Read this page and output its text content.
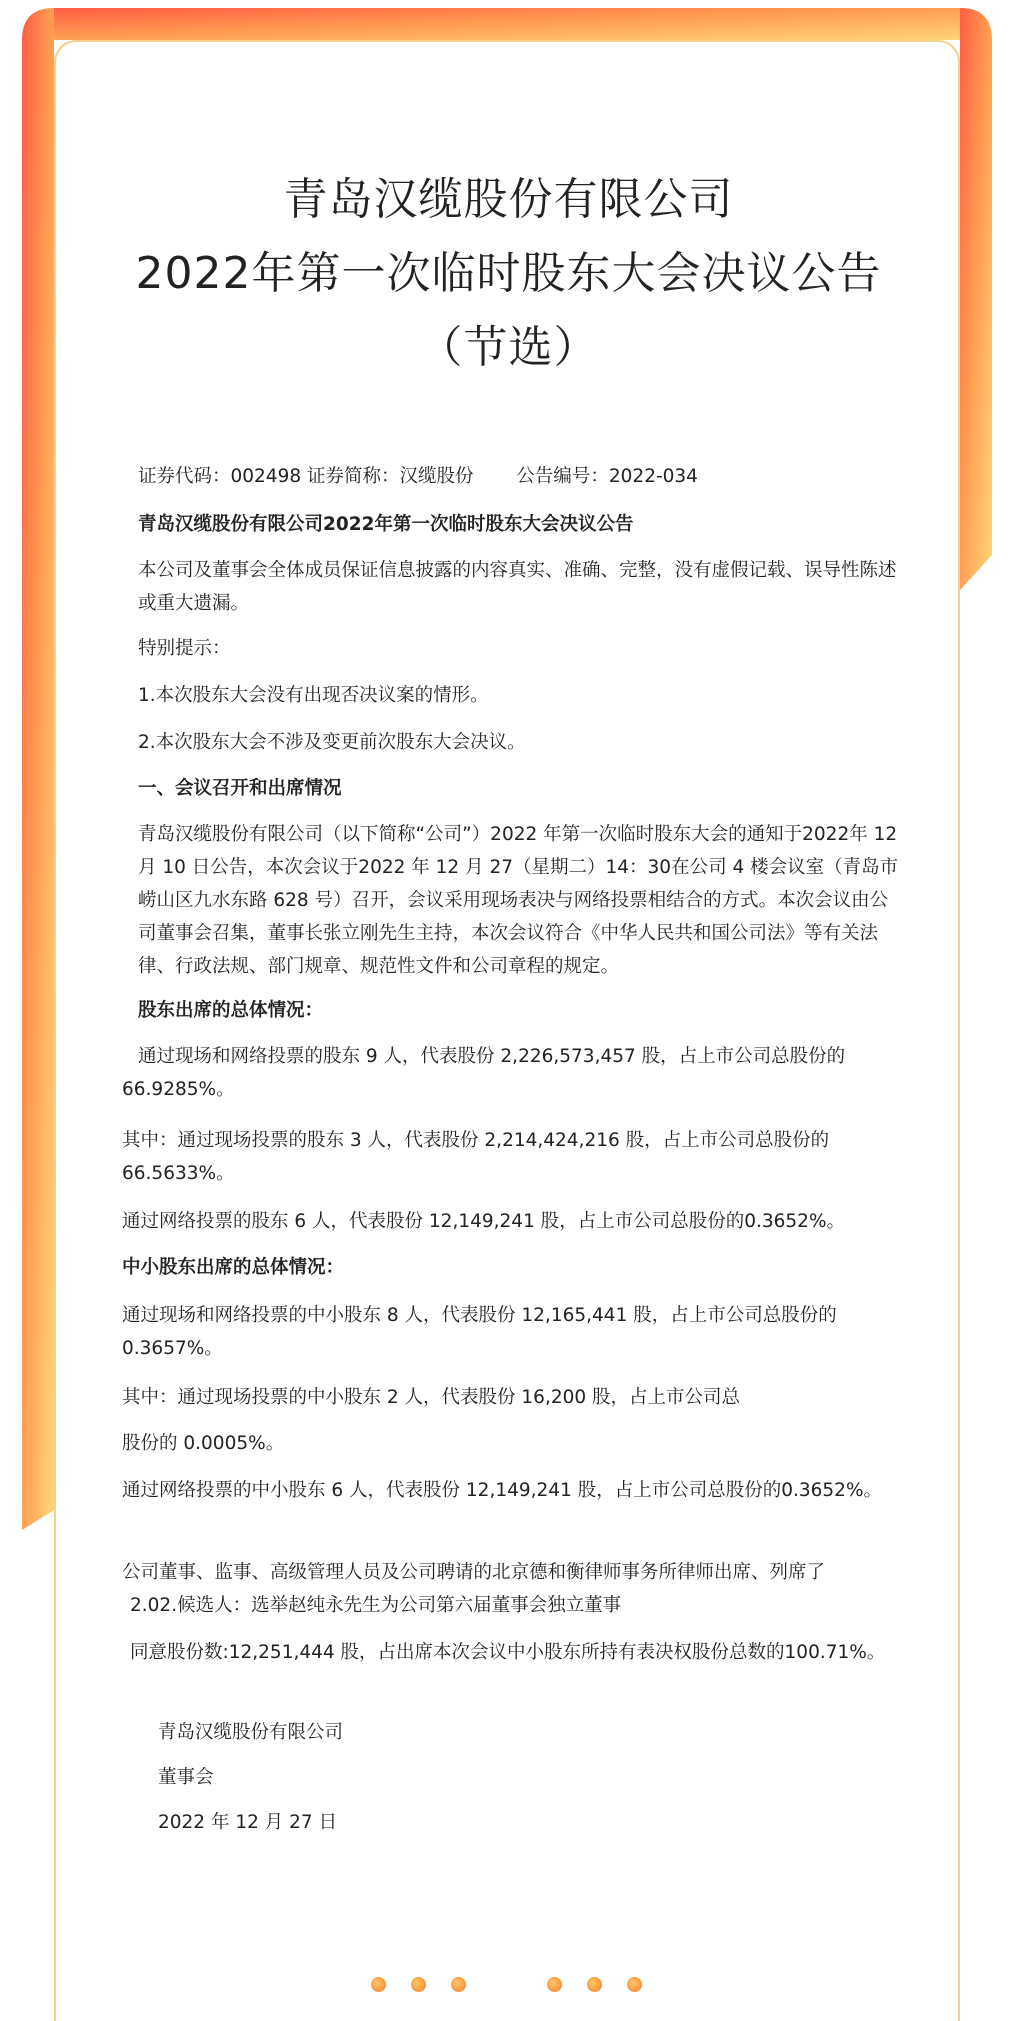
青岛汉缆股份有限公司
2022年第一次临时股东大会决议公告
（节选）

证券代码：002498 证券简称：汉缆股份　　 公告编号：2022-034

青岛汉缆股份有限公司2022年第一次临时股东大会决议公告

本公司及董事会全体成员保证信息披露的内容真实、准确、完整，没有虚假记载、误导性陈述或重大遗漏。

特别提示：

1.本次股东大会没有出现否决议案的情形。

2.本次股东大会不涉及变更前次股东大会决议。

一、会议召开和出席情况

青岛汉缆股份有限公司（以下简称“公司”）2022 年第一次临时股东大会的通知于2022年 12 月 10 日公告，本次会议于2022 年 12 月 27（星期二）14：30在公司 4 楼会议室（青岛市崂山区九水东路 628 号）召开，会议采用现场表决与网络投票相结合的方式。本次会议由公司董事会召集，董事长张立刚先生主持，本次会议符合《中华人民共和国公司法》等有关法律、行政法规、部门规章、规范性文件和公司章程的规定。

股东出席的总体情况：

通过现场和网络投票的股东 9 人，代表股份 2,226,573,457 股，占上市公司总股份的66.9285%。

其中：通过现场投票的股东 3 人，代表股份 2,214,424,216 股，占上市公司总股份的66.5633%。

通过网络投票的股东 6 人，代表股份 12,149,241 股，占上市公司总股份的0.3652%。

中小股东出席的总体情况：

通过现场和网络投票的中小股东 8 人，代表股份 12,165,441 股，占上市公司总股份的0.3657%。

其中：通过现场投票的中小股东 2 人，代表股份 16,200 股，占上市公司总

股份的 0.0005%。

通过网络投票的中小股东 6 人，代表股份 12,149,241 股，占上市公司总股份的0.3652%。

公司董事、监事、高级管理人员及公司聘请的北京德和衡律师事务所律师出席、列席了

2.02.候选人：选举赵纯永先生为公司第六届董事会独立董事

同意股份数:12,251,444 股，占出席本次会议中小股东所持有表决权股份总数的100.71%。

青岛汉缆股份有限公司

董事会

2022 年 12 月 27 日
